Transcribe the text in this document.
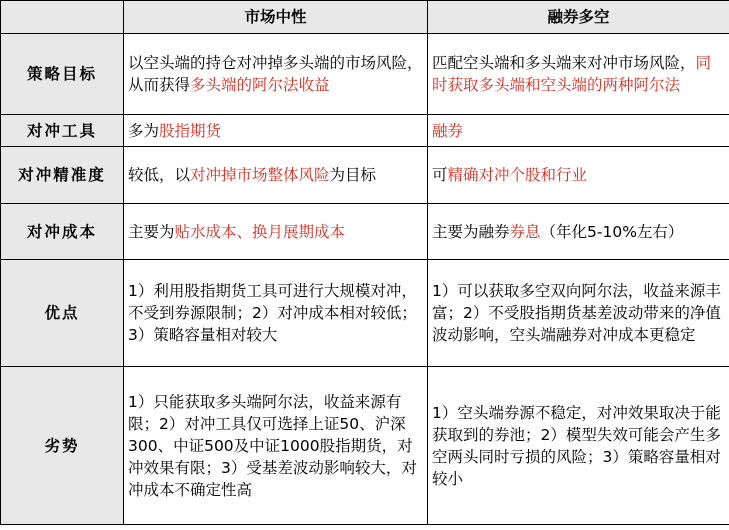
	市场中性	融券多空
策略目标	以空头端的持仓对冲掉多头端的市场风险，从而获得多头端的阿尔法收益	匹配空头端和多头端来对冲市场风险，同时获取多头端和空头端的两种阿尔法
对冲工具	多为股指期货	融券
对冲精准度	较低，以对冲掉市场整体风险为目标	可精确对冲个股和行业
对冲成本	主要为贴水成本、换月展期成本	主要为融券券息（年化5-10%左右）
优点	1）利用股指期货工具可进行大规模对冲，不受到券源限制；2）对冲成本相对较低；3）策略容量相对较大	1）可以获取多空双向阿尔法，收益来源丰富；2）不受股指期货基差波动带来的净值波动影响，空头端融券对冲成本更稳定
劣势	1）只能获取多头端阿尔法，收益来源有限；2）对冲工具仅可选择上证50、沪深300、中证500及中证1000股指期货，对冲效果有限；3）受基差波动影响较大，对冲成本不确定性高	1）空头端券源不稳定，对冲效果取决于能获取到的券池；2）模型失效可能会产生多空两头同时亏损的风险；3）策略容量相对较小
